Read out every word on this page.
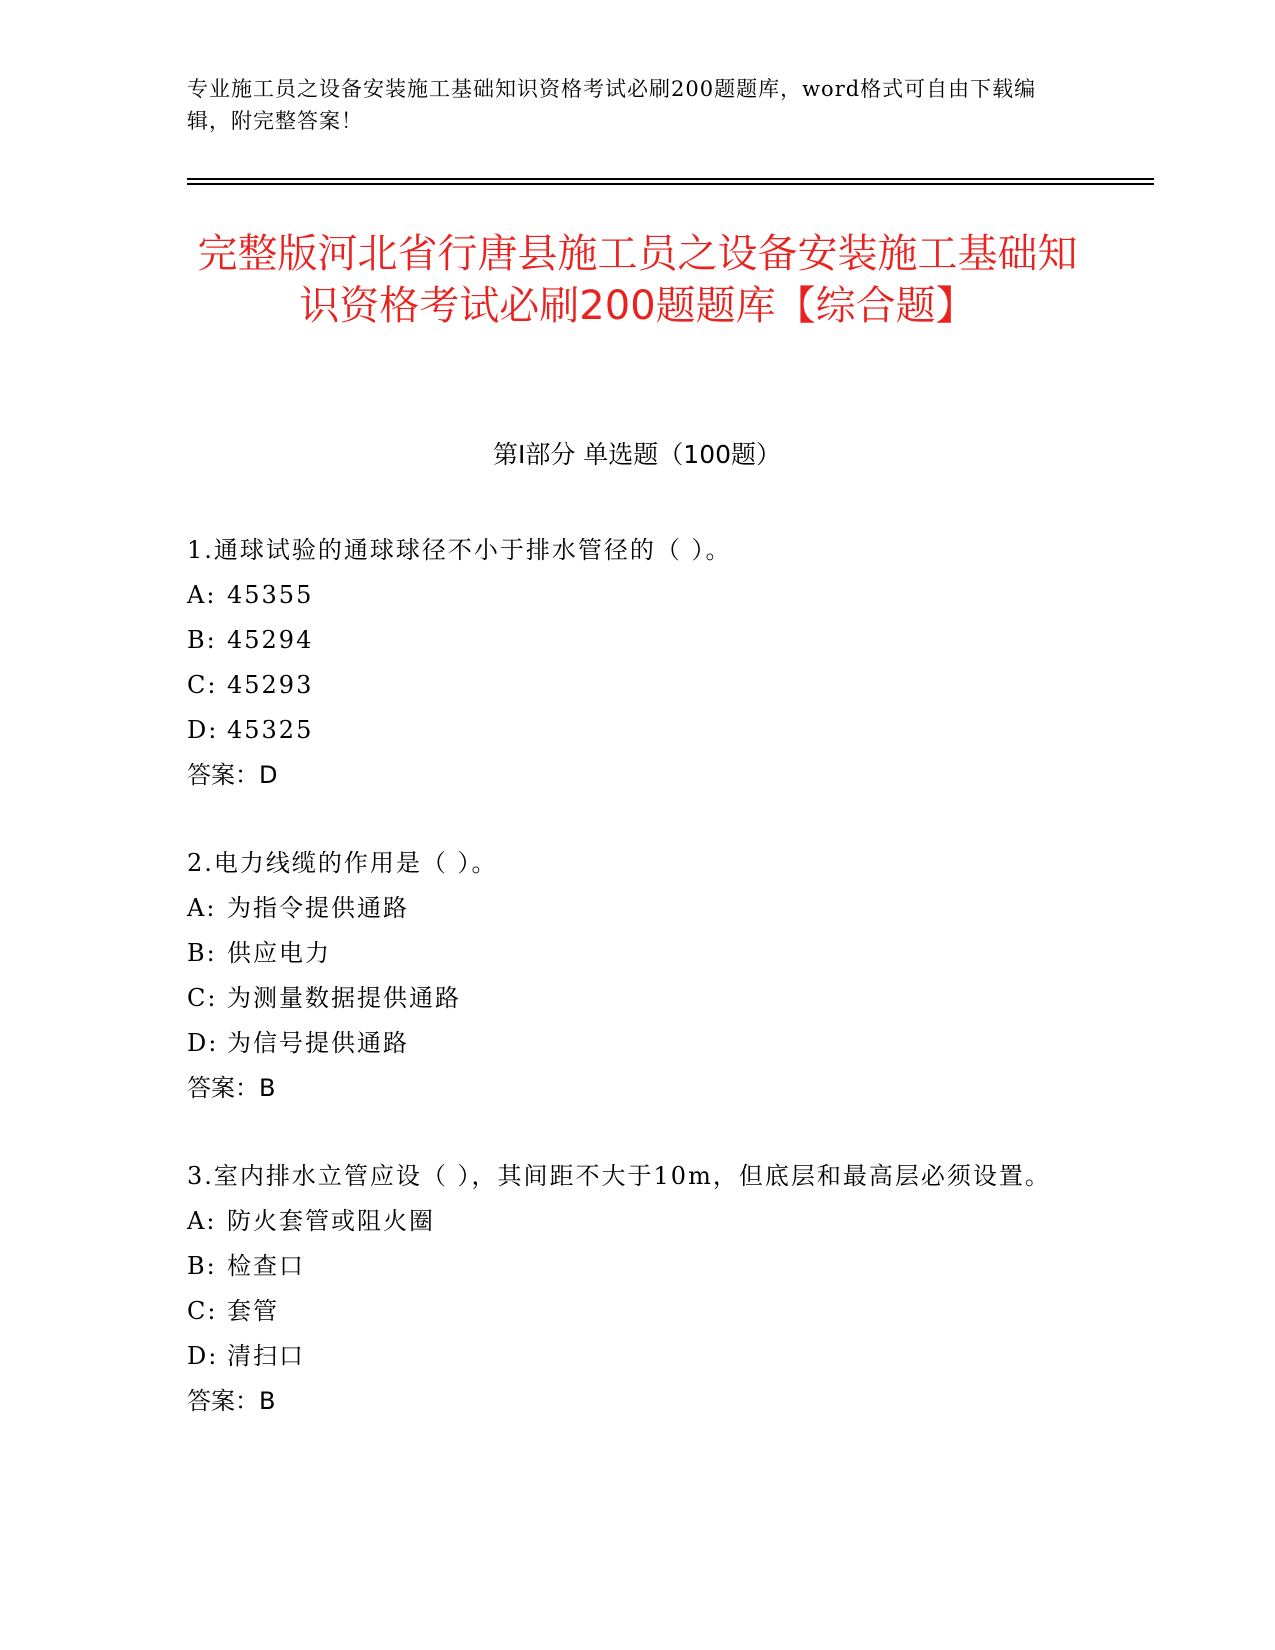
专业施工员之设备安装施工基础知识资格考试必刷200题题库，word格式可自由下载编辑，附完整答案！
完整版河北省行唐县施工员之设备安装施工基础知识资格考试必刷200题题库【综合题】
第I部分 单选题（100题）
1.通球试验的通球球径不小于排水管径的（ ）。
A: 45355
B: 45294
C: 45293
D: 45325
答案：D
2.电力线缆的作用是（ ）。
A: 为指令提供通路
B: 供应电力
C: 为测量数据提供通路
D: 为信号提供通路
答案：B
3.室内排水立管应设（ ），其间距不大于10m，但底层和最高层必须设置。
A: 防火套管或阻火圈
B: 检查口
C: 套管
D: 清扫口
答案：B
